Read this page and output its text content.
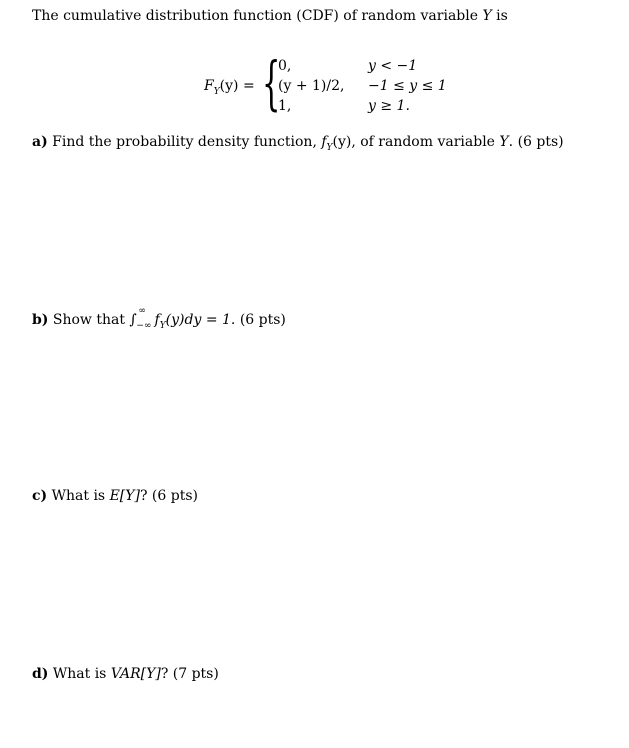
The cumulative distribution function (CDF) of random variable Y is
$F_Y(y)$ = {
0,
(y + 1)/2,
1,
y < −1
−1 ≤ y ≤ 1
y ≥ 1.
a) Find the probability density function, $f_Y(y)$, of random variable Y. (6 pts)
b) Show that ∫
∞
−∞ $f_Y(y)dy = 1$. (6 pts)
c) What is E[Y]? (6 pts)
d) What is VAR[Y]? (7 pts)
